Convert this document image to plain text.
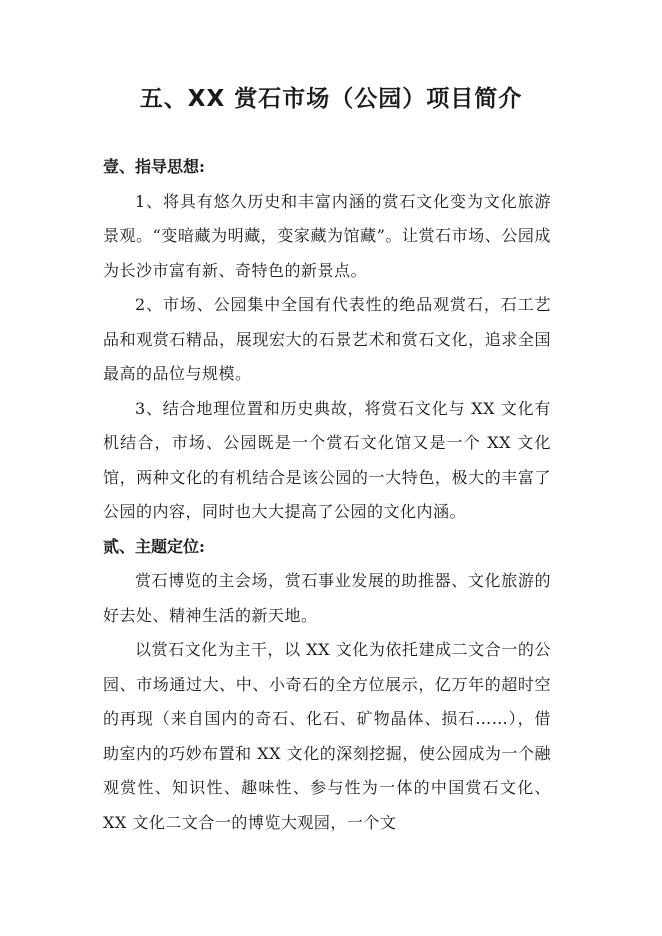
五、XX 赏石市场（公园）项目简介

壹、指导思想:

1、将具有悠久历史和丰富内涵的赏石文化变为文化旅游景观。“变暗藏为明藏，变家藏为馆藏”。让赏石市场、公园成为长沙市富有新、奇特色的新景点。

2、市场、公园集中全国有代表性的绝品观赏石，石工艺品和观赏石精品，展现宏大的石景艺术和赏石文化，追求全国最高的品位与规模。

3、结合地理位置和历史典故，将赏石文化与 XX 文化有机结合，市场、公园既是一个赏石文化馆又是一个 XX 文化馆，两种文化的有机结合是该公园的一大特色，极大的丰富了公园的内容，同时也大大提高了公园的文化内涵。

贰、主题定位:

赏石博览的主会场，赏石事业发展的助推器、文化旅游的好去处、精神生活的新天地。

以赏石文化为主干，以 XX 文化为依托建成二文合一的公园、市场通过大、中、小奇石的全方位展示，亿万年的超时空的再现（来自国内的奇石、化石、矿物晶体、损石……），借助室内的巧妙布置和 XX 文化的深刻挖掘，使公园成为一个融观赏性、知识性、趣味性、参与性为一体的中国赏石文化、XX 文化二文合一的博览大观园，一个文
